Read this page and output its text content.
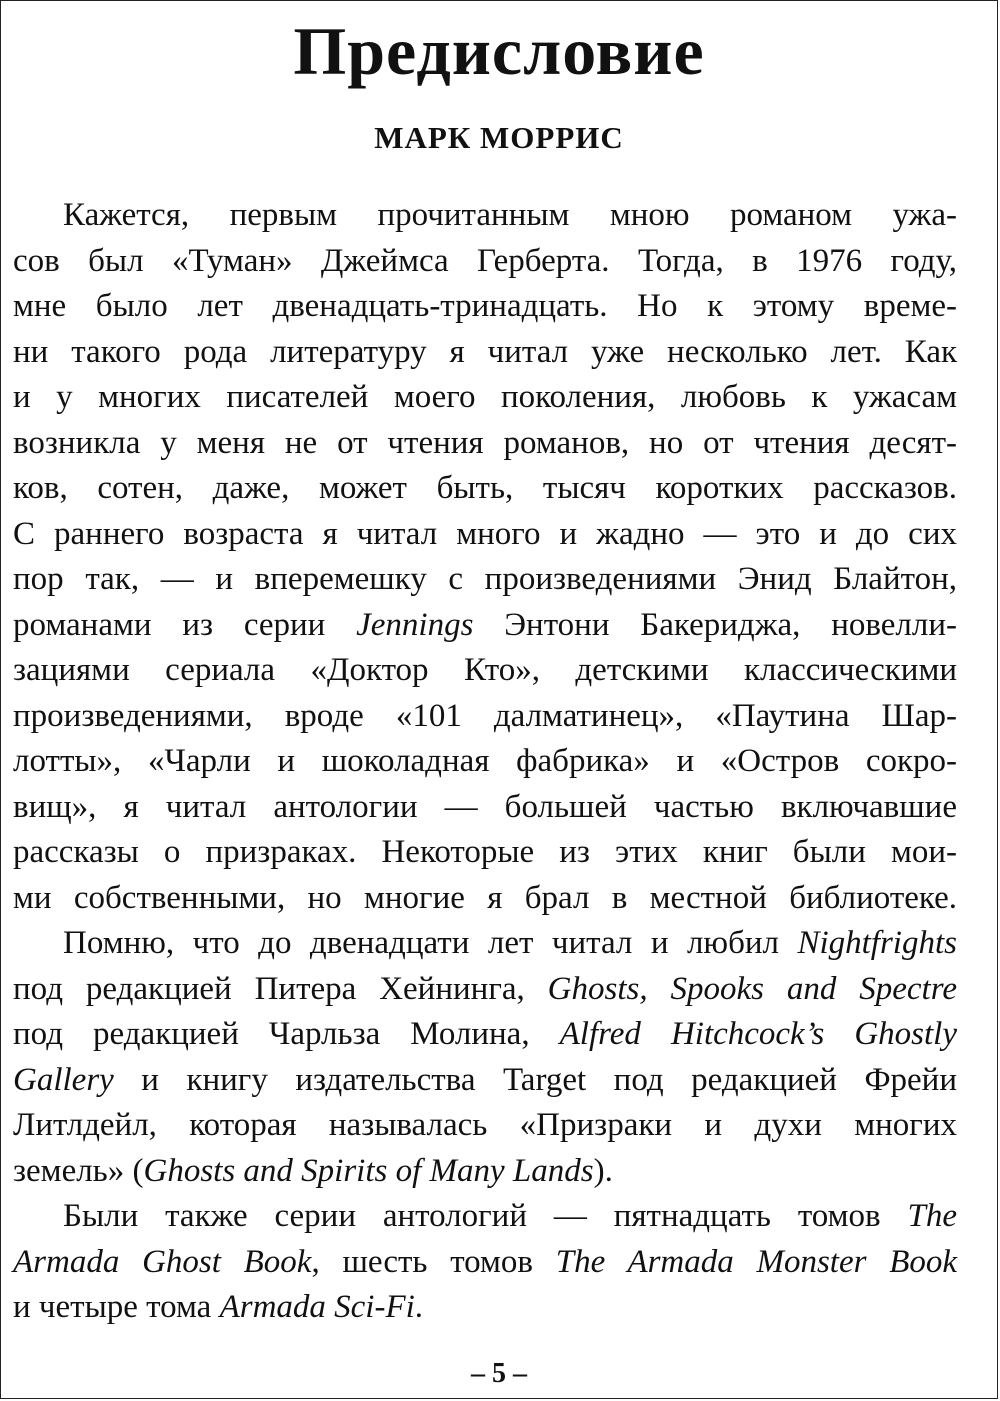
Предисловие
МАРК МОРРИС
Кажется, первым прочитанным мною романом ужа-
сов был «Туман» Джеймса Герберта. Тогда, в 1976 году,
мне было лет двенадцать-тринадцать. Но к этому време-
ни такого рода литературу я читал уже несколько лет. Как
и у многих писателей моего поколения, любовь к ужасам
возникла у меня не от чтения романов, но от чтения десят-
ков, сотен, даже, может быть, тысяч коротких рассказов.
С раннего возраста я читал много и жадно — это и до сих
пор так, — и вперемешку с произведениями Энид Блайтон,
романами из серии Jennings Энтони Бакериджа, новелли-
зациями сериала «Доктор Кто», детскими классическими
произведениями, вроде «101 далматинец», «Паутина Шар-
лотты», «Чарли и шоколадная фабрика» и «Остров сокро-
вищ», я читал антологии — большей частью включавшие
рассказы о призраках. Некоторые из этих книг были мои-
ми собственными, но многие я брал в местной библиотеке.
Помню, что до двенадцати лет читал и любил Nightfrights
под редакцией Питера Хейнинга, Ghosts, Spooks and Spectre
под редакцией Чарльза Молина, Alfred Hitchcock’s Ghostly
Gallery и книгу издательства Target под редакцией Фрейи
Литлдейл, которая называлась «Призраки и духи многих
земель» (Ghosts and Spirits of Many Lands).
Были также серии антологий — пятнадцать томов The
Armada Ghost Book, шесть томов The Armada Monster Book
и четыре тома Armada Sci-Fi.
– 5 –
